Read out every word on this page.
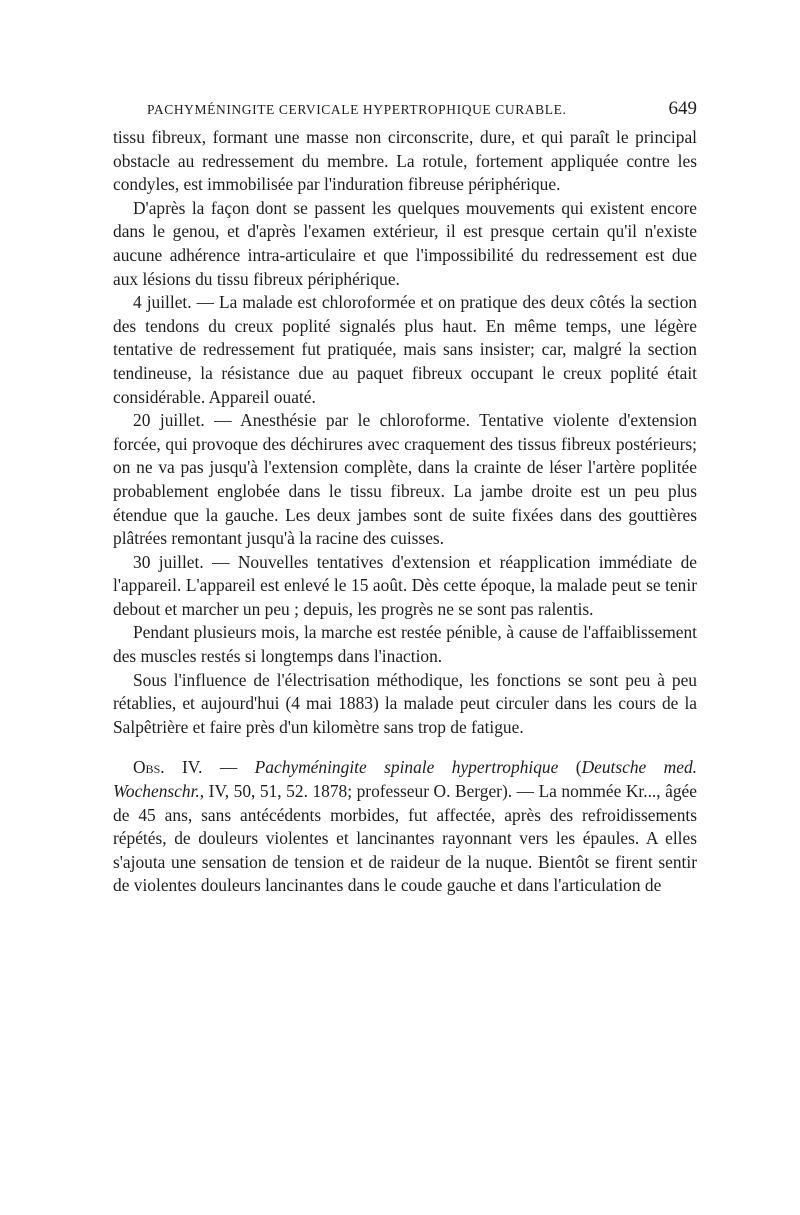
PACHYMÉNINGITE CERVICALE HYPERTROPHIQUE CURABLE.	649

tissu fibreux, formant une masse non circonscrite, dure, et qui paraît le principal obstacle au redressement du membre. La rotule, fortement appliquée contre les condyles, est immobilisée par l'induration fibreuse périphérique.

D'après la façon dont se passent les quelques mouvements qui existent encore dans le genou, et d'après l'examen extérieur, il est presque certain qu'il n'existe aucune adhérence intra-articulaire et que l'impossibilité du redressement est due aux lésions du tissu fibreux périphérique.

4 juillet. — La malade est chloroformée et on pratique des deux côtés la section des tendons du creux poplité signalés plus haut. En même temps, une légère tentative de redressement fut pratiquée, mais sans insister; car, malgré la section tendineuse, la résistance due au paquet fibreux occupant le creux poplité était considérable. Appareil ouaté.

20 juillet. — Anesthésie par le chloroforme. Tentative violente d'extension forcée, qui provoque des déchirures avec craquement des tissus fibreux postérieurs; on ne va pas jusqu'à l'extension complète, dans la crainte de léser l'artère poplitée probablement englobée dans le tissu fibreux. La jambe droite est un peu plus étendue que la gauche. Les deux jambes sont de suite fixées dans des gouttières plâtrées remontant jusqu'à la racine des cuisses.

30 juillet. — Nouvelles tentatives d'extension et réapplication immédiate de l'appareil. L'appareil est enlevé le 15 août. Dès cette époque, la malade peut se tenir debout et marcher un peu ; depuis, les progrès ne se sont pas ralentis.

Pendant plusieurs mois, la marche est restée pénible, à cause de l'affaiblissement des muscles restés si longtemps dans l'inaction.

Sous l'influence de l'électrisation méthodique, les fonctions se sont peu à peu rétablies, et aujourd'hui (4 mai 1883) la malade peut circuler dans les cours de la Salpêtrière et faire près d'un kilomètre sans trop de fatigue.

Obs. IV. — Pachyméningite spinale hypertrophique (Deutsche med. Wochenschr., IV, 50, 51, 52. 1878; professeur O. Berger). — La nommée Kr..., âgée de 45 ans, sans antécédents morbides, fut affectée, après des refroidissements répétés, de douleurs violentes et lancinantes rayonnant vers les épaules. A elles s'ajouta une sensation de tension et de raideur de la nuque. Bientôt se firent sentir de violentes douleurs lancinantes dans le coude gauche et dans l'articulation de
